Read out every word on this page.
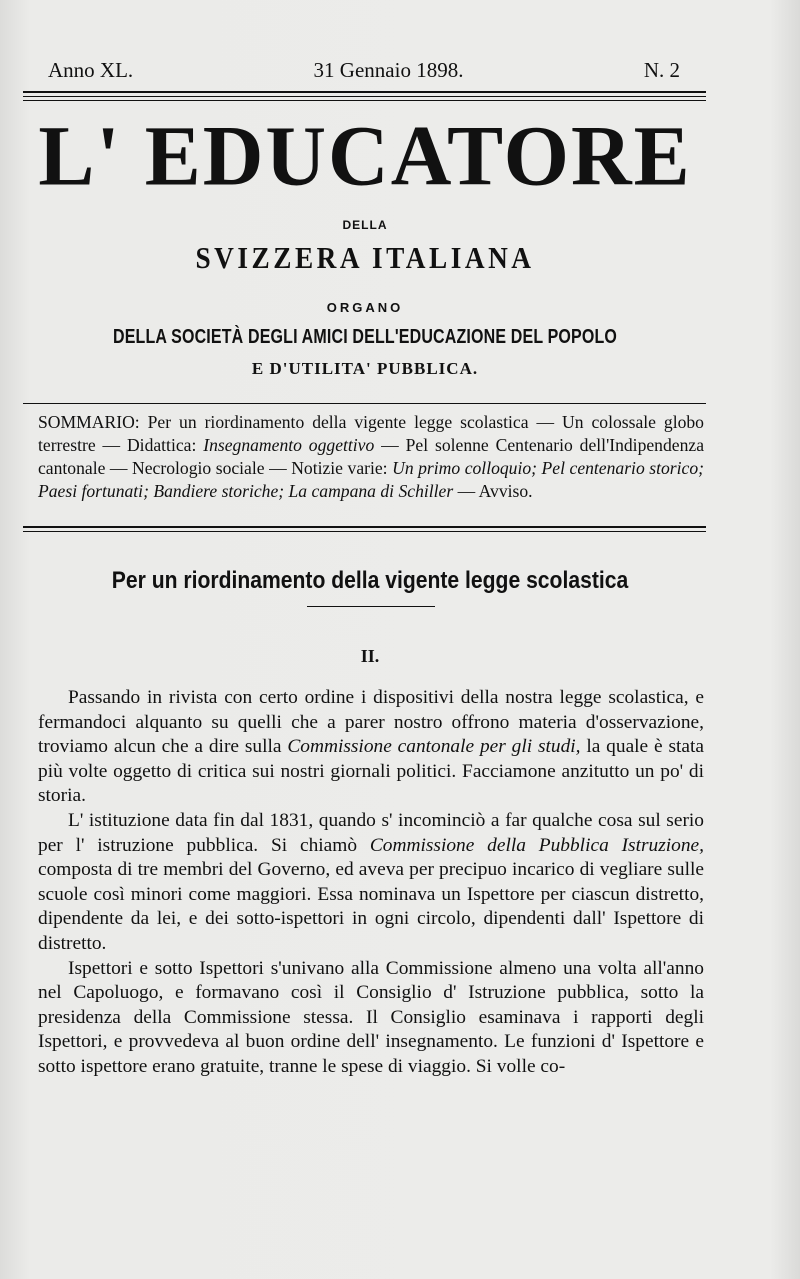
Anno XL.	31 Gennaio 1898.	N. 2
L' EDUCATORE
DELLA
SVIZZERA ITALIANA
ORGANO
DELLA SOCIETÀ DEGLI AMICI DELL'EDUCAZIONE DEL POPOLO
E D'UTILITA' PUBBLICA.
SOMMARIO: Per un riordinamento della vigente legge scolastica — Un colossale globo terrestre — Didattica: Insegnamento oggettivo — Pel solenne Centenario dell'Indipendenza cantonale — Necrologio sociale — Notizie varie: Un primo colloquio; Pel centenario storico; Paesi fortunati; Bandiere storiche; La campana di Schiller — Avviso.
Per un riordinamento della vigente legge scolastica
II.

Passando in rivista con certo ordine i dispositivi della nostra legge scolastica, e fermandoci alquanto su quelli che a parer nostro offrono materia d'osservazione, troviamo alcun che a dire sulla Commissione cantonale per gli studi, la quale è stata più volte oggetto di critica sui nostri giornali politici. Facciamone anzitutto un po' di storia.

L' istituzione data fin dal 1831, quando s' incominciò a far qualche cosa sul serio per l' istruzione pubblica. Si chiamò Commissione della Pubblica Istruzione, composta di tre membri del Governo, ed aveva per precipuo incarico di vegliare sulle scuole così minori come maggiori. Essa nominava un Ispettore per ciascun distretto, dipendente da lei, e dei sotto-ispettori in ogni circolo, dipendenti dall' Ispettore di distretto.

Ispettori e sotto Ispettori s'univano alla Commissione almeno una volta all'anno nel Capoluogo, e formavano così il Consiglio d' Istruzione pubblica, sotto la presidenza della Commissione stessa. Il Consiglio esaminava i rapporti degli Ispettori, e provvedeva al buon ordine dell' insegnamento. Le funzioni d' Ispettore e sotto ispettore erano gratuite, tranne le spese di viaggio. Si volle co-
